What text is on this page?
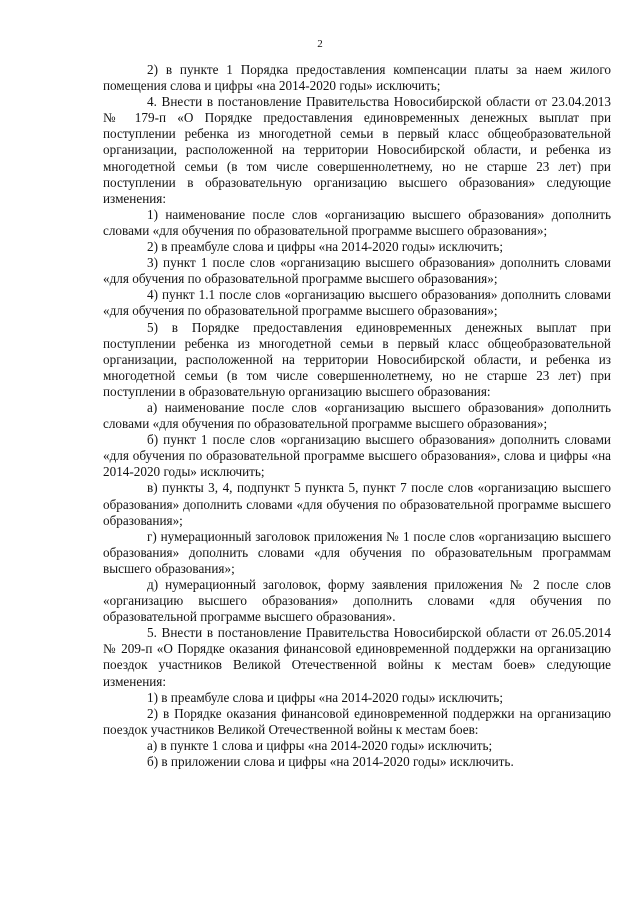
2

2) в пункте 1 Порядка предоставления компенсации платы за наем жилого помещения слова и цифры «на 2014-2020 годы» исключить;

4. Внести в постановление Правительства Новосибирской области от 23.04.2013 № 179-п «О Порядке предоставления единовременных денежных выплат при поступлении ребенка из многодетной семьи в первый класс общеобразовательной организации, расположенной на территории Новосибирской области, и ребенка из многодетной семьи (в том числе совершеннолетнему, но не старше 23 лет) при поступлении в образовательную организацию высшего образования» следующие изменения:

1) наименование после слов «организацию высшего образования» дополнить словами «для обучения по образовательной программе высшего образования»;

2) в преамбуле слова и цифры «на 2014-2020 годы» исключить;

3) пункт 1 после слов «организацию высшего образования» дополнить словами «для обучения по образовательной программе высшего образования»;

4) пункт 1.1 после слов «организацию высшего образования» дополнить словами «для обучения по образовательной программе высшего образования»;

5) в Порядке предоставления единовременных денежных выплат при поступлении ребенка из многодетной семьи в первый класс общеобразовательной организации, расположенной на территории Новосибирской области, и ребенка из многодетной семьи (в том числе совершеннолетнему, но не старше 23 лет) при поступлении в образовательную организацию высшего образования:

а) наименование после слов «организацию высшего образования» дополнить словами «для обучения по образовательной программе высшего образования»;

б) пункт 1 после слов «организацию высшего образования» дополнить словами «для обучения по образовательной программе высшего образования», слова и цифры «на 2014-2020 годы» исключить;

в) пункты 3, 4, подпункт 5 пункта 5, пункт 7 после слов «организацию высшего образования» дополнить словами «для обучения по образовательной программе высшего образования»;

г) нумерационный заголовок приложения № 1 после слов «организацию высшего образования» дополнить словами «для обучения по образовательным программам высшего образования»;

д) нумерационный заголовок, форму заявления приложения № 2 после слов «организацию высшего образования» дополнить словами «для обучения по образовательной программе высшего образования».

5. Внести в постановление Правительства Новосибирской области от 26.05.2014 № 209-п «О Порядке оказания финансовой единовременной поддержки на организацию поездок участников Великой Отечественной войны к местам боев» следующие изменения:

1) в преамбуле слова и цифры «на 2014-2020 годы» исключить;

2) в Порядке оказания финансовой единовременной поддержки на организацию поездок участников Великой Отечественной войны к местам боев:

а) в пункте 1 слова и цифры «на 2014-2020 годы» исключить;

б) в приложении слова и цифры «на 2014-2020 годы» исключить.
